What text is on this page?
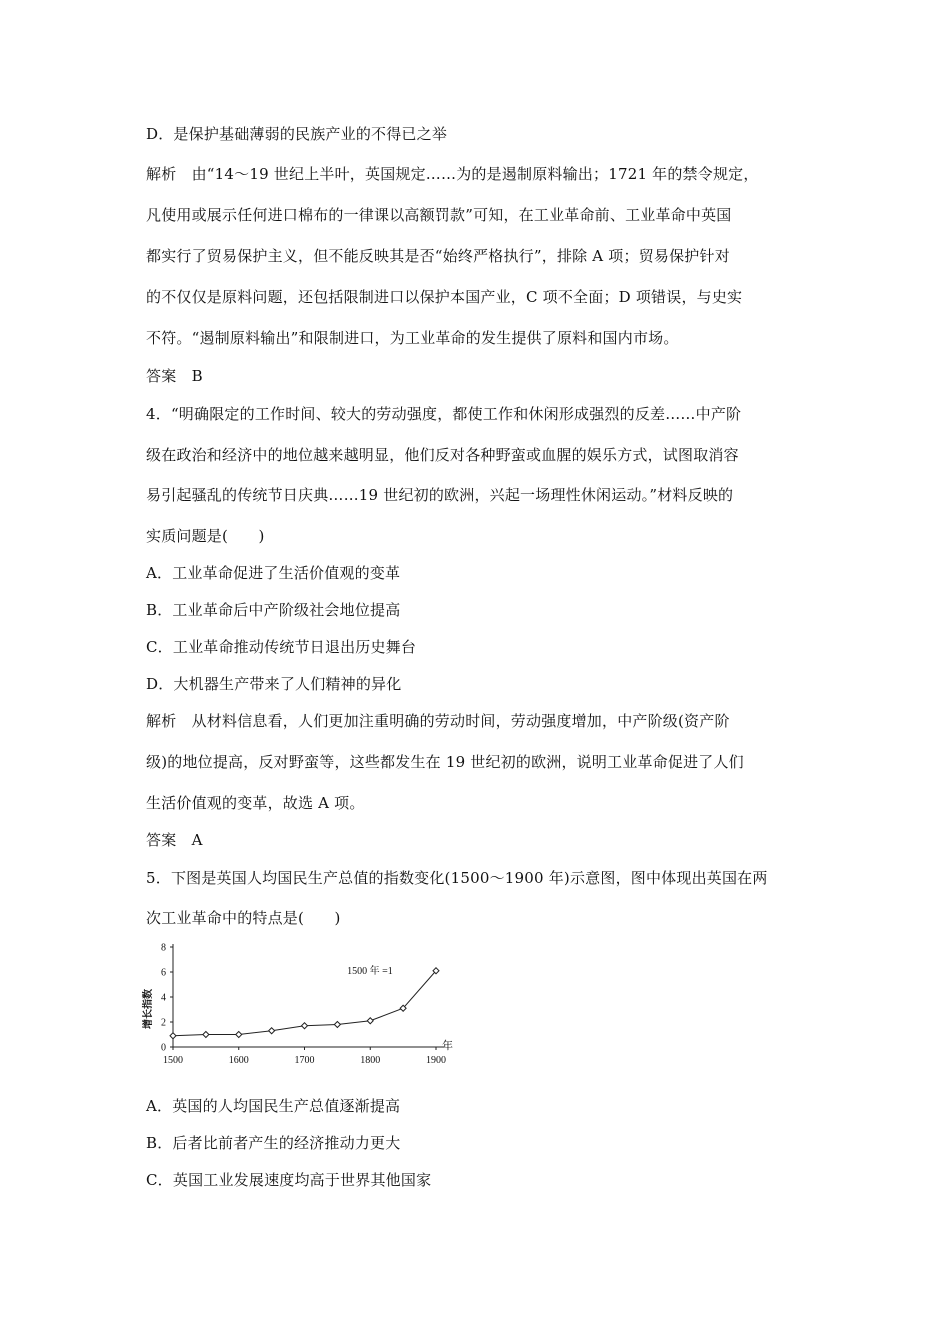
D．是保护基础薄弱的民族产业的不得已之举
解析　由“14～19 世纪上半叶，英国规定……为的是遏制原料输出；1721 年的禁令规定，
凡使用或展示任何进口棉布的一律课以高额罚款”可知，在工业革命前、工业革命中英国
都实行了贸易保护主义，但不能反映其是否“始终严格执行”，排除 A 项；贸易保护针对
的不仅仅是原料问题，还包括限制进口以保护本国产业，C 项不全面；D 项错误，与史实
不符。“遏制原料输出”和限制进口，为工业革命的发生提供了原料和国内市场。
答案　B
4．“明确限定的工作时间、较大的劳动强度，都使工作和休闲形成强烈的反差……中产阶
级在政治和经济中的地位越来越明显，他们反对各种野蛮或血腥的娱乐方式，试图取消容
易引起骚乱的传统节日庆典……19 世纪初的欧洲，兴起一场理性休闲运动。”材料反映的
实质问题是(　　)
A．工业革命促进了生活价值观的变革
B．工业革命后中产阶级社会地位提高
C．工业革命推动传统节日退出历史舞台
D．大机器生产带来了人们精神的异化
解析　从材料信息看，人们更加注重明确的劳动时间，劳动强度增加，中产阶级(资产阶
级)的地位提高，反对野蛮等，这些都发生在 19 世纪初的欧洲，说明工业革命促进了人们
生活价值观的变革，故选 A 项。
答案　A
5．下图是英国人均国民生产总值的指数变化(1500～1900 年)示意图，图中体现出英国在两
次工业革命中的特点是(　　)
A．英国的人均国民生产总值逐渐提高
B．后者比前者产生的经济推动力更大
C．英国工业发展速度均高于世界其他国家
0
2
4
6
8
1500	1600	1700	1800	1900
年
增长指数
1500 年 =1
